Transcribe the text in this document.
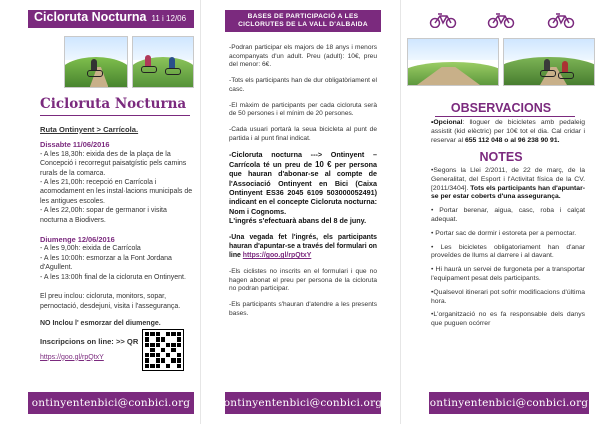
Cicloruta Nocturna 11 i 12/06
Cicloruta Nocturna
Ruta Ontinyent > Carrícola.
Dissabte 11/06/2016
- A les 18,30h: eixida des de la plaça de la Concepció i recorregut paisatgístic pels camins rurals de la comarca.
- A les 21,00h: recepció en Carrícola i acomodament en les instal·lacions municipals de les antigues escoles.
- A les 22,00h: sopar de germanor i visita nocturna a Biodivers.
Diumenge 12/06/2016
- A les 9,00h: eixida de Carrícola
- A les 10:00h: esmorzar a la Font Jordana d'Agullent.
- A les 13:00h final de la cicloruta en Ontinyent.
El preu inclou: cicloruta, monitors, sopar, pernoctació, desdejuni, visita i l'assegurança.
NO Inclou l' esmorzar del diumenge.
Inscripcions on line: >> QR
https://goo.gl/rpQtxY
ontinyentenbici@conbici.org
BASES DE PARTICIPACIÓ A LES CICLORUTES DE LA VALL D'ALBAIDA

-Podran participar els majors de 18 anys i menors acompanyats d'un adult. Preu (adult): 10€, preu del menor: 6€.

-Tots els participants han de dur obligatòriament el casc.

-El màxim de participants per cada cicloruta serà de 50 persones i el mínim de 20 persones.

-Cada usuari portarà la seua bicicleta al punt de partida i al punt final indicat.

-Cicloruta nocturna ---> Ontinyent – Carrícola té un preu de 10 € per persona que hauran d'abonar-se al compte de l'Associació Ontinyent en Bici (Caixa Ontinyent ES36 2045 6109 503000052491) indicant en el concepte Cicloruta nocturna: Nom i Cognoms.
L'ingrés s'efectuarà abans del 8 de juny.

-Una vegada fet l'ingrés, els participants hauran d'apuntar-se a través del formulari on line https://goo.gl/rpQtxY

-Els ciclistes no inscrits en el formulari i que no hagen abonat el preu per persona de la cicloruta no podran participar.

-Els participants s'hauran d'atendre a les presents bases.

ontinyentenbici@conbici.org
OBSERVACIONS

•Opcional: lloguer de bicicletes amb pedaleig assistit (kid elèctric) per 10€ tot el dia. Cal cridar i reservar al 655 112 048 o al 96 238 90 91.

NOTES

•Segons la Llei 2/2011, de 22 de març, de la Generalitat, del Esport i l'Activitat física de la CV. [2011/3404]. Tots els participants han d'apuntar-se per estar coberts d'una assegurança.

• Portar berenar, aigua, casc, roba i calçat adequat.

• Portar sac de dormir i estoreta per a pernoctar.

• Les bicicletes obligatoriament han d'anar proveïdes de llums al darrere i al davant.

• Hi haurà un servei de furgoneta per a transportar l'equipament pesat dels participants.

•Qualsevol itinerari pot sofrir modificacions d'última hora.

•L'organització no es fa responsable dels danys que puguen ocórrer

ontinyentenbici@conbici.org
